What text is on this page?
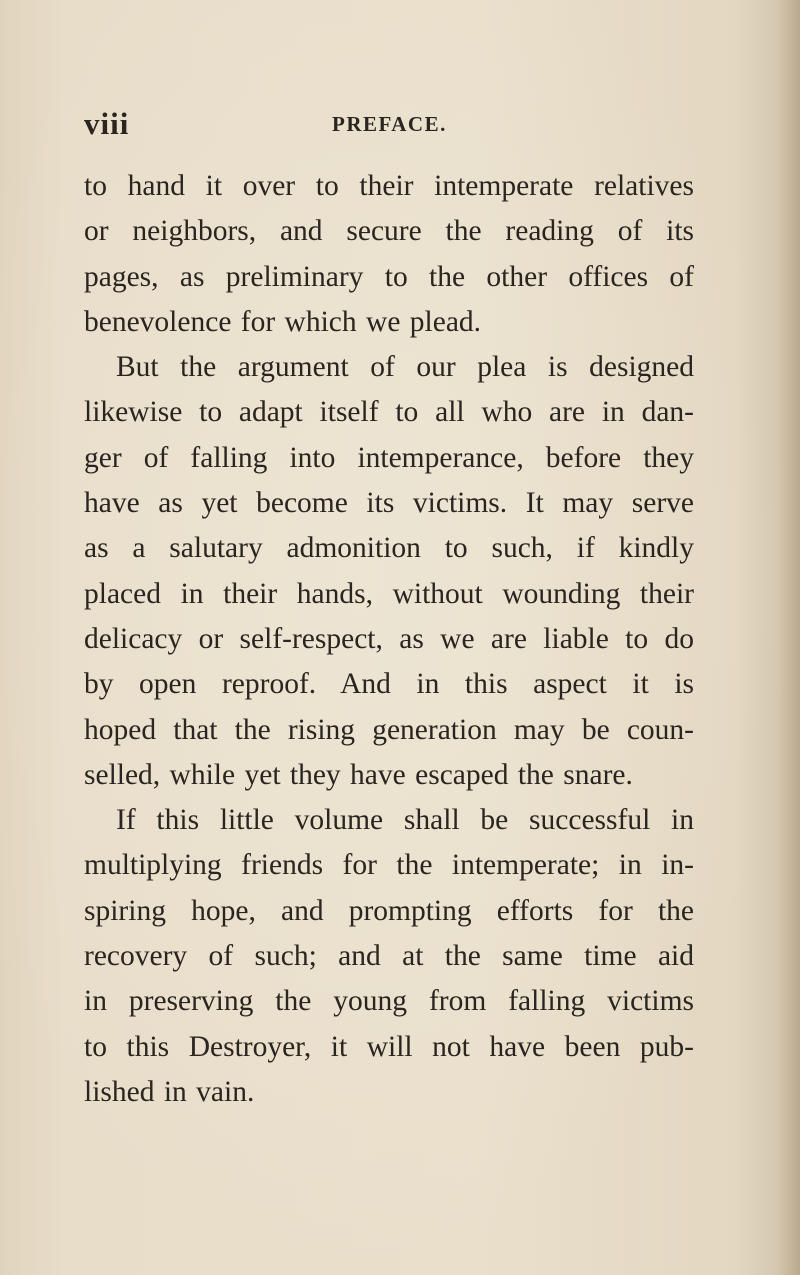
viii	PREFACE.
to hand it over to their intemperate relatives
or neighbors, and secure the reading of its
pages, as preliminary to the other offices of
benevolence for which we plead.
But the argument of our plea is designed
likewise to adapt itself to all who are in dan-
ger of falling into intemperance, before they
have as yet become its victims. It may serve
as a salutary admonition to such, if kindly
placed in their hands, without wounding their
delicacy or self-respect, as we are liable to do
by open reproof. And in this aspect it is
hoped that the rising generation may be coun-
selled, while yet they have escaped the snare.
If this little volume shall be successful in
multiplying friends for the intemperate; in in-
spiring hope, and prompting efforts for the
recovery of such; and at the same time aid
in preserving the young from falling victims
to this Destroyer, it will not have been pub-
lished in vain.
